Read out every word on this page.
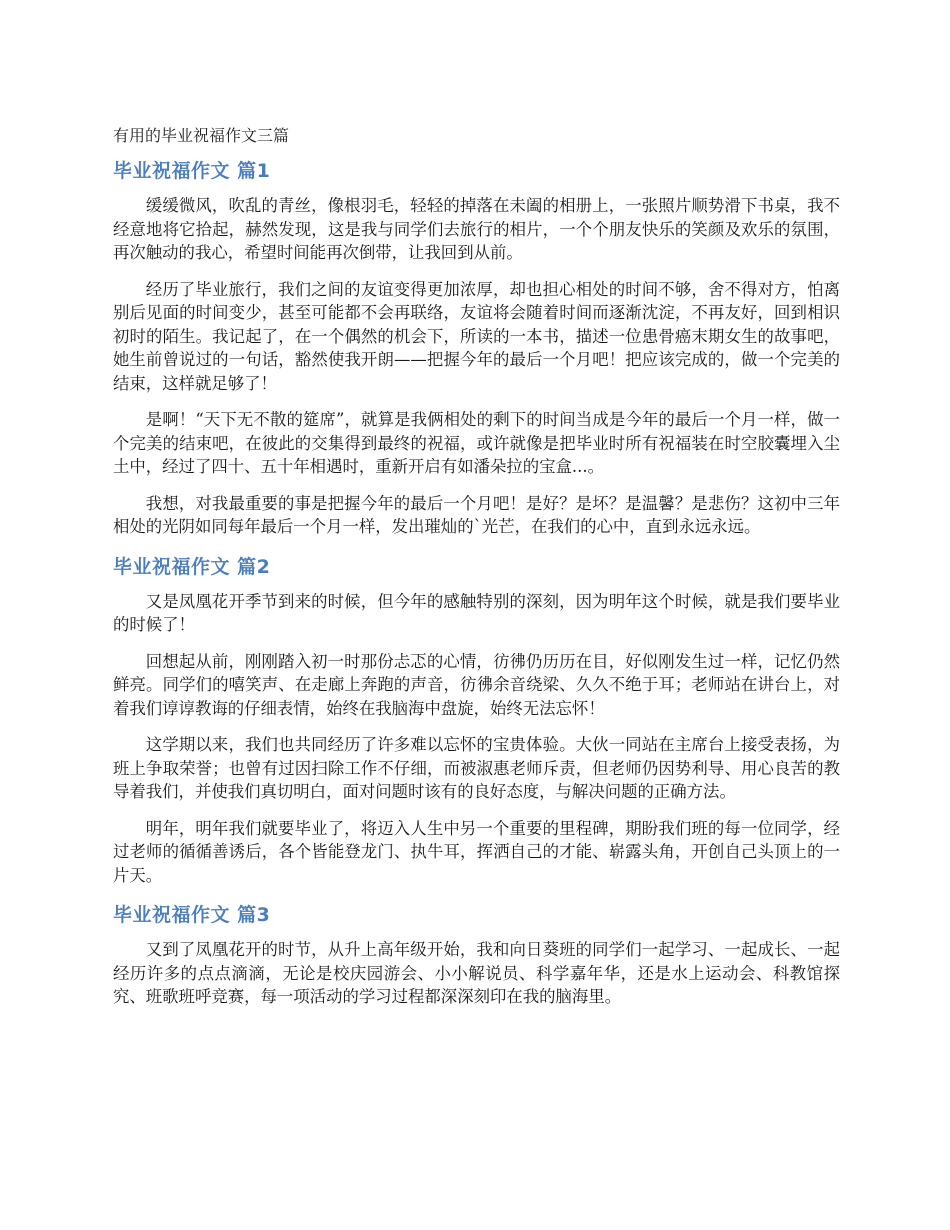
有用的毕业祝福作文三篇
毕业祝福作文 篇1

缓缓微风，吹乱的青丝，像根羽毛，轻轻的掉落在未阖的相册上，一张照片顺势滑下书桌，我不经意地将它拾起，赫然发现，这是我与同学们去旅行的相片，一个个朋友快乐的笑颜及欢乐的氛围，再次触动的我心，希望时间能再次倒带，让我回到从前。

经历了毕业旅行，我们之间的友谊变得更加浓厚，却也担心相处的时间不够，舍不得对方，怕离别后见面的时间变少，甚至可能都不会再联络，友谊将会随着时间而逐渐沈淀，不再友好，回到相识初时的陌生。我记起了，在一个偶然的机会下，所读的一本书，描述一位患骨癌末期女生的故事吧，她生前曾说过的一句话，豁然使我开朗——把握今年的最后一个月吧！把应该完成的，做一个完美的结束，这样就足够了！

是啊！“天下无不散的筵席”，就算是我俩相处的剩下的时间当成是今年的最后一个月一样，做一个完美的结束吧，在彼此的交集得到最终的祝福，或许就像是把毕业时所有祝福装在时空胶囊埋入尘土中，经过了四十、五十年相遇时，重新开启有如潘朵拉的宝盒...。

我想，对我最重要的事是把握今年的最后一个月吧！是好？是坏？是温馨？是悲伤？这初中三年相处的光阴如同每年最后一个月一样，发出璀灿的`光芒，在我们的心中，直到永远永远。

毕业祝福作文 篇2

又是凤凰花开季节到来的时候，但今年的感触特别的深刻，因为明年这个时候，就是我们要毕业的时候了！

回想起从前，刚刚踏入初一时那份忐忑的心情，彷彿仍历历在目，好似刚发生过一样，记忆仍然鲜亮。同学们的嘻笑声、在走廊上奔跑的声音，彷彿余音绕梁、久久不绝于耳；老师站在讲台上，对着我们谆谆教诲的仔细表情，始终在我脑海中盘旋，始终无法忘怀！

这学期以来，我们也共同经历了许多难以忘怀的宝贵体验。大伙一同站在主席台上接受表扬，为班上争取荣誉；也曾有过因扫除工作不仔细，而被淑惠老师斥责，但老师仍因势利导、用心良苦的教导着我们，并使我们真切明白，面对问题时该有的良好态度，与解决问题的正确方法。

明年，明年我们就要毕业了，将迈入人生中另一个重要的里程碑，期盼我们班的每一位同学，经过老师的循循善诱后，各个皆能登龙门、执牛耳，挥洒自己的才能、崭露头角，开创自己头顶上的一片天。

毕业祝福作文 篇3

又到了凤凰花开的时节，从升上高年级开始，我和向日葵班的同学们一起学习、一起成长、一起经历许多的点点滴滴，无论是校庆园游会、小小解说员、科学嘉年华，还是水上运动会、科教馆探究、班歌班呼竞赛，每一项活动的学习过程都深深刻印在我的脑海里。
